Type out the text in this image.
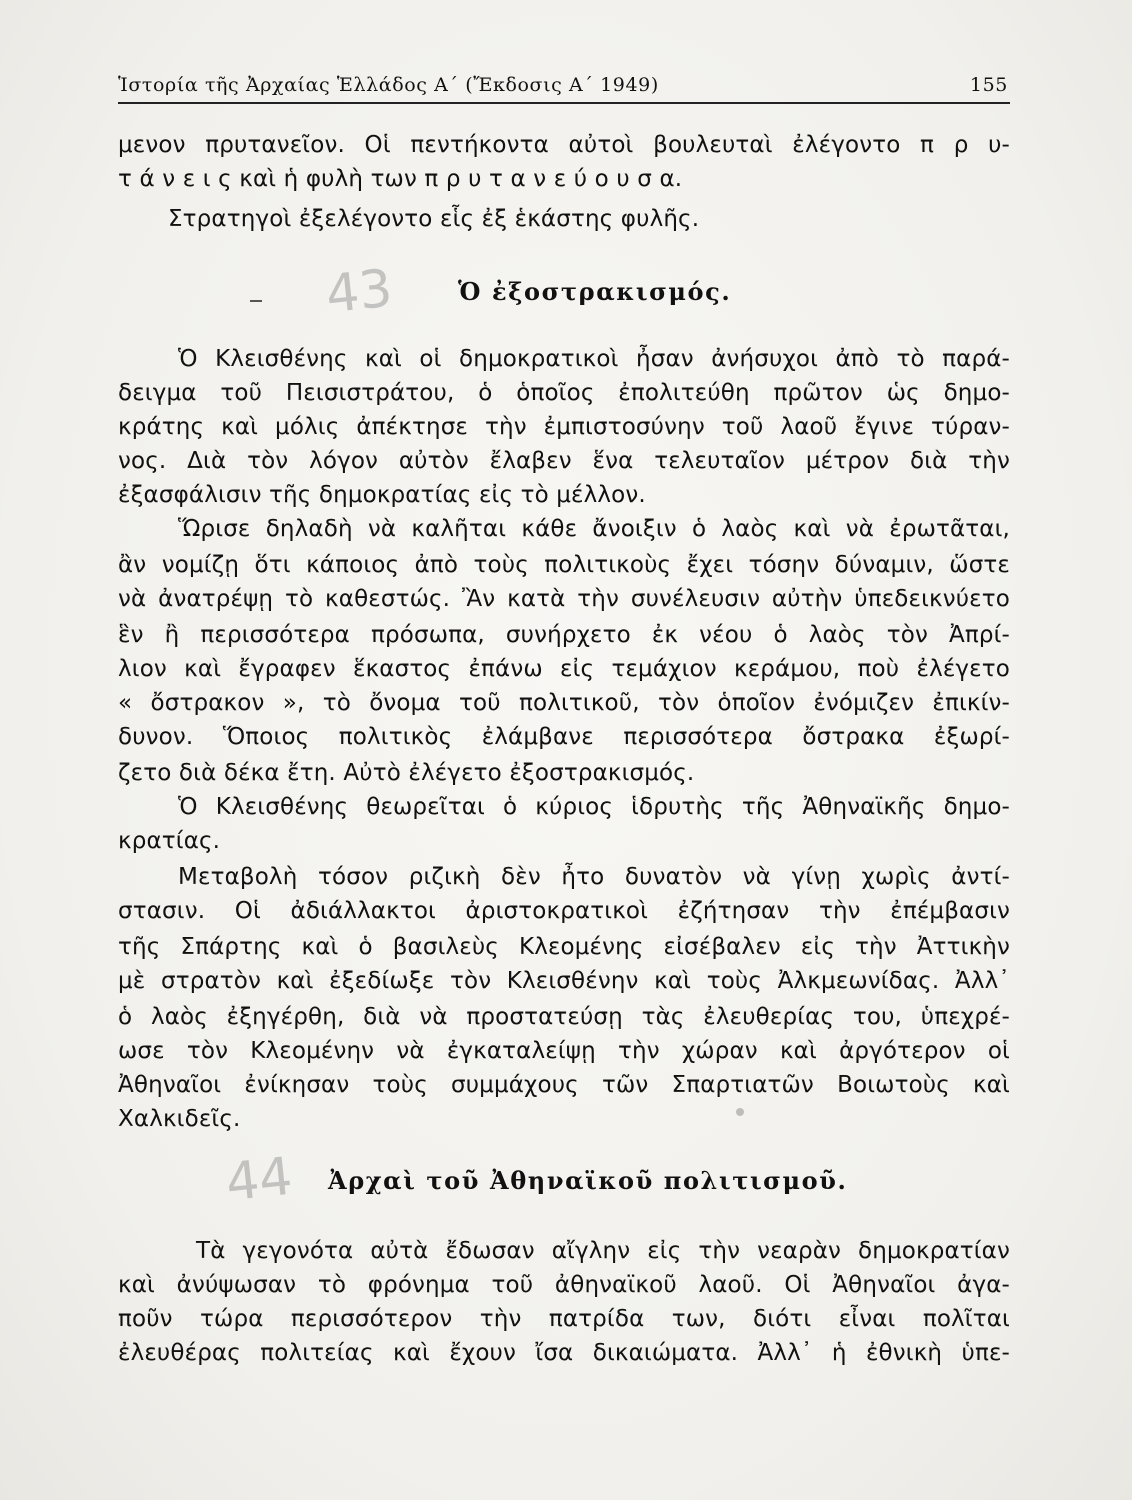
Ἱστορία τῆς Ἀρχαίας Ἑλλάδος Α΄ (Ἔκδοσις Α΄ 1949)	155
μενον πρυτανεῖον. Οἱ πεντήκοντα αὐτοὶ βουλευταὶ ἐλέγοντο π ρ υ-
τ ά ν ε ι ς καὶ ἡ φυλὴ των π ρ υ τ α ν ε ύ ο υ σ α.
Στρατηγοὶ ἐξελέγοντο εἷς ἐξ ἑκάστης φυλῆς.
43	Ὁ ἐξοστρακισμός.
Ὁ Κλεισθένης καὶ οἱ δημοκρατικοὶ ἦσαν ἀνήσυχοι ἀπὸ τὸ παρά-
δειγμα τοῦ Πεισιστράτου, ὁ ὁποῖος ἐπολιτεύθη πρῶτον ὡς δημο-
κράτης καὶ μόλις ἀπέκτησε τὴν ἐμπιστοσύνην τοῦ λαοῦ ἔγινε τύραν-
νος. Διὰ τὸν λόγον αὐτὸν ἔλαβεν ἕνα τελευταῖον μέτρον διὰ τὴν
ἐξασφάλισιν τῆς δημοκρατίας εἰς τὸ μέλλον.
Ὥρισε δηλαδὴ νὰ καλῆται κάθε ἄνοιξιν ὁ λαὸς καὶ νὰ ἐρωτᾶται,
ἂν νομίζῃ ὅτι κάποιος ἀπὸ τοὺς πολιτικοὺς ἔχει τόσην δύναμιν, ὥστε
νὰ ἀνατρέψῃ τὸ καθεστώς. Ἂν κατὰ τὴν συνέλευσιν αὐτὴν ὑπεδεικνύετο
ἓν ἢ περισσότερα πρόσωπα, συνήρχετο ἐκ νέου ὁ λαὸς τὸν Ἀπρί-
λιον καὶ ἔγραφεν ἕκαστος ἐπάνω εἰς τεμάχιον κεράμου, ποὺ ἐλέγετο
« ὄστρακον », τὸ ὄνομα τοῦ πολιτικοῦ, τὸν ὁποῖον ἐνόμιζεν ἐπικίν-
δυνον. Ὅποιος πολιτικὸς ἐλάμβανε περισσότερα ὄστρακα ἐξωρί-
ζετο διὰ δέκα ἔτη. Αὐτὸ ἐλέγετο ἐξοστρακισμός.
Ὁ Κλεισθένης θεωρεῖται ὁ κύριος ἱδρυτὴς τῆς Ἀθηναϊκῆς δημο-
κρατίας.
Μεταβολὴ τόσον ριζικὴ δὲν ἦτο δυνατὸν νὰ γίνῃ χωρὶς ἀντί-
στασιν. Οἱ ἀδιάλλακτοι ἀριστοκρατικοὶ ἐζήτησαν τὴν ἐπέμβασιν
τῆς Σπάρτης καὶ ὁ βασιλεὺς Κλεομένης εἰσέβαλεν εἰς τὴν Ἀττικὴν
μὲ στρατὸν καὶ ἐξεδίωξε τὸν Κλεισθένην καὶ τοὺς Ἀλκμεωνίδας. Ἀλλ᾽
ὁ λαὸς ἐξηγέρθη, διὰ νὰ προστατεύσῃ τὰς ἐλευθερίας του, ὑπεχρέ-
ωσε τὸν Κλεομένην νὰ ἐγκαταλείψῃ τὴν χώραν καὶ ἀργότερον οἱ
Ἀθηναῖοι ἐνίκησαν τοὺς συμμάχους τῶν Σπαρτιατῶν Βοιωτοὺς καὶ
Χαλκιδεῖς.
44 Ἀρχαὶ τοῦ Ἀθηναϊκοῦ πολιτισμοῦ.
Τὰ γεγονότα αὐτὰ ἔδωσαν αἴγλην εἰς τὴν νεαρὰν δημοκρατίαν
καὶ ἀνύψωσαν τὸ φρόνημα τοῦ ἀθηναϊκοῦ λαοῦ. Οἱ Ἀθηναῖοι ἀγα-
ποῦν τώρα περισσότερον τὴν πατρίδα των, διότι εἶναι πολῖται
ἐλευθέρας πολιτείας καὶ ἔχουν ἴσα δικαιώματα. Ἀλλ᾽ ἡ ἐθνικὴ ὑπε-
